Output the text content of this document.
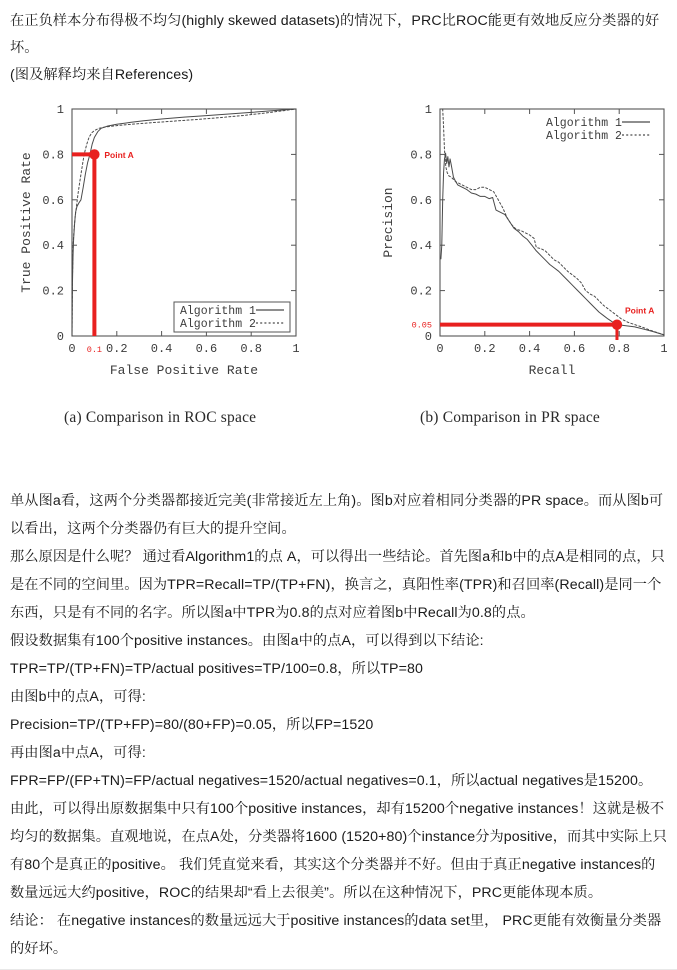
在正负样本分布得极不均匀(highly skewed datasets)的情况下，PRC比ROC能更有效地反应分类器的好坏。

(图及解释均来自References)

0
0
0.2
0.2
0.4
0.4
0.6
0.6
0.8
0.8
1
1
Point A
0.1
False Positive Rate
True Positive Rate
Algorithm 1
Algorithm 2
0
0
0.2
0.2
0.4
0.4
0.6
0.6
0.8
0.8
1
1
Point A
0.05
Recall
Precision
Algorithm 1
Algorithm 2
(a) Comparison in ROC space	(b) Comparison in PR space

单从图a看，这两个分类器都接近完美(非常接近左上角)。图b对应着相同分类器的PR space。而从图b可以看出，这两个分类器仍有巨大的提升空间。

那么原因是什么呢？ 通过看Algorithm1的点 A，可以得出一些结论。首先图a和b中的点A是相同的点，只是在不同的空间里。因为TPR=Recall=TP/(TP+FN)，换言之，真阳性率(TPR)和召回率(Recall)是同一个东西，只是有不同的名字。所以图a中TPR为0.8的点对应着图b中Recall为0.8的点。

假设数据集有100个positive instances。由图a中的点A，可以得到以下结论:

TPR=TP/(TP+FN)=TP/actual positives=TP/100=0.8，所以TP=80

由图b中的点A，可得:

Precision=TP/(TP+FP)=80/(80+FP)=0.05，所以FP=1520

再由图a中点A，可得:

FPR=FP/(FP+TN)=FP/actual negatives=1520/actual negatives=0.1，所以actual negatives是15200。

由此，可以得出原数据集中只有100个positive instances，却有15200个negative instances！这就是极不均匀的数据集。直观地说，在点A处，分类器将1600 (1520+80)个instance分为positive，而其中实际上只有80个是真正的positive。 我们凭直觉来看，其实这个分类器并不好。但由于真正negative instances的数量远远大约positive，ROC的结果却“看上去很美”。所以在这种情况下，PRC更能体现本质。

结论： 在negative instances的数量远远大于positive instances的data set里， PRC更能有效衡量分类器的好坏。
